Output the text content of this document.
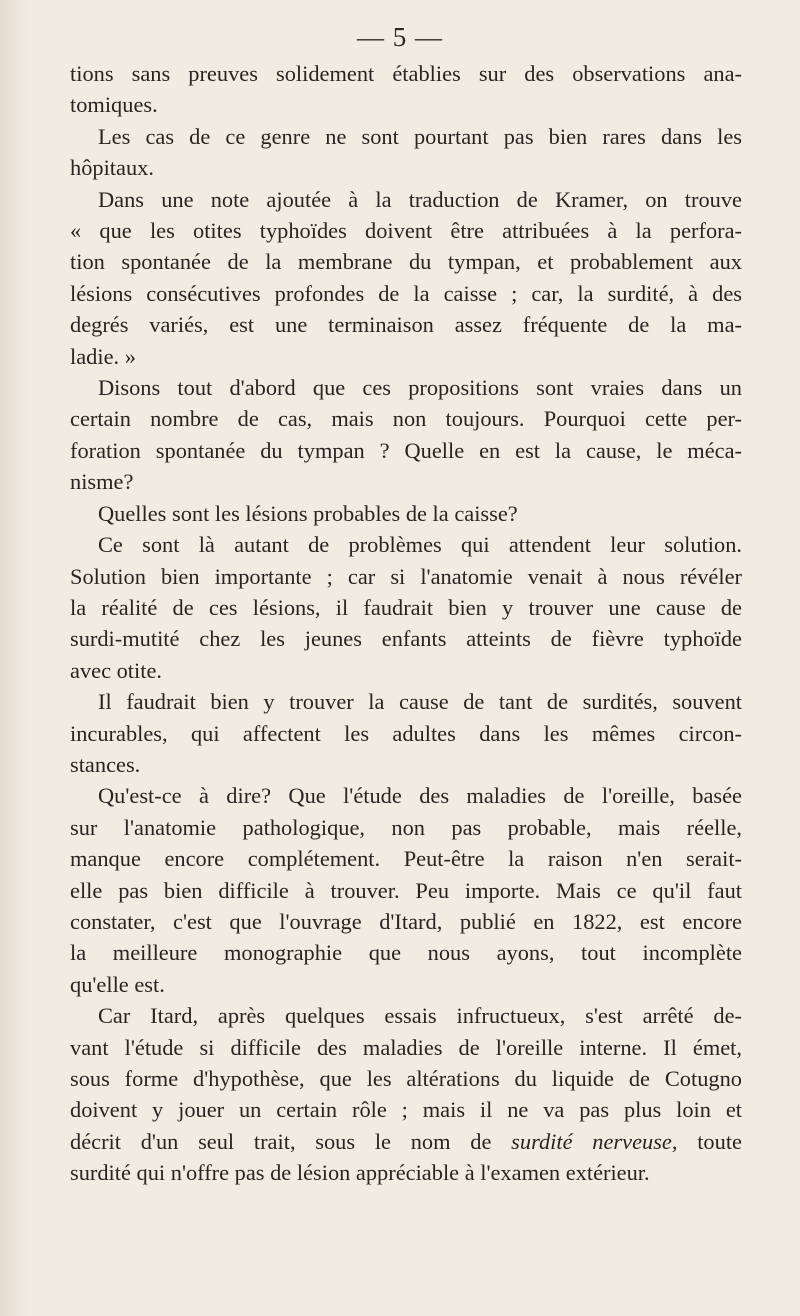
— 5 —

tions sans preuves solidement établies sur des observations ana-

tomiques.

Les cas de ce genre ne sont pourtant pas bien rares dans les

hôpitaux.

Dans une note ajoutée à la traduction de Kramer, on trouve

« que les otites typhoïdes doivent être attribuées à la perfora-

tion spontanée de la membrane du tympan, et probablement aux

lésions consécutives profondes de la caisse ; car, la surdité, à des

degrés variés, est une terminaison assez fréquente de la ma-

ladie. »

Disons tout d'abord que ces propositions sont vraies dans un

certain nombre de cas, mais non toujours. Pourquoi cette per-

foration spontanée du tympan ? Quelle en est la cause, le méca-

nisme?

Quelles sont les lésions probables de la caisse?

Ce sont là autant de problèmes qui attendent leur solution.

Solution bien importante ; car si l'anatomie venait à nous révéler

la réalité de ces lésions, il faudrait bien y trouver une cause de

surdi-mutité chez les jeunes enfants atteints de fièvre typhoïde

avec otite.

Il faudrait bien y trouver la cause de tant de surdités, souvent

incurables, qui affectent les adultes dans les mêmes circon-

stances.

Qu'est-ce à dire? Que l'étude des maladies de l'oreille, basée

sur l'anatomie pathologique, non pas probable, mais réelle,

manque encore complétement. Peut-être la raison n'en serait-

elle pas bien difficile à trouver. Peu importe. Mais ce qu'il faut

constater, c'est que l'ouvrage d'Itard, publié en 1822, est encore

la meilleure monographie que nous ayons, tout incomplète

qu'elle est.

Car Itard, après quelques essais infructueux, s'est arrêté de-

vant l'étude si difficile des maladies de l'oreille interne. Il émet,

sous forme d'hypothèse, que les altérations du liquide de Cotugno

doivent y jouer un certain rôle ; mais il ne va pas plus loin et

décrit d'un seul trait, sous le nom de surdité nerveuse, toute

surdité qui n'offre pas de lésion appréciable à l'examen extérieur.
